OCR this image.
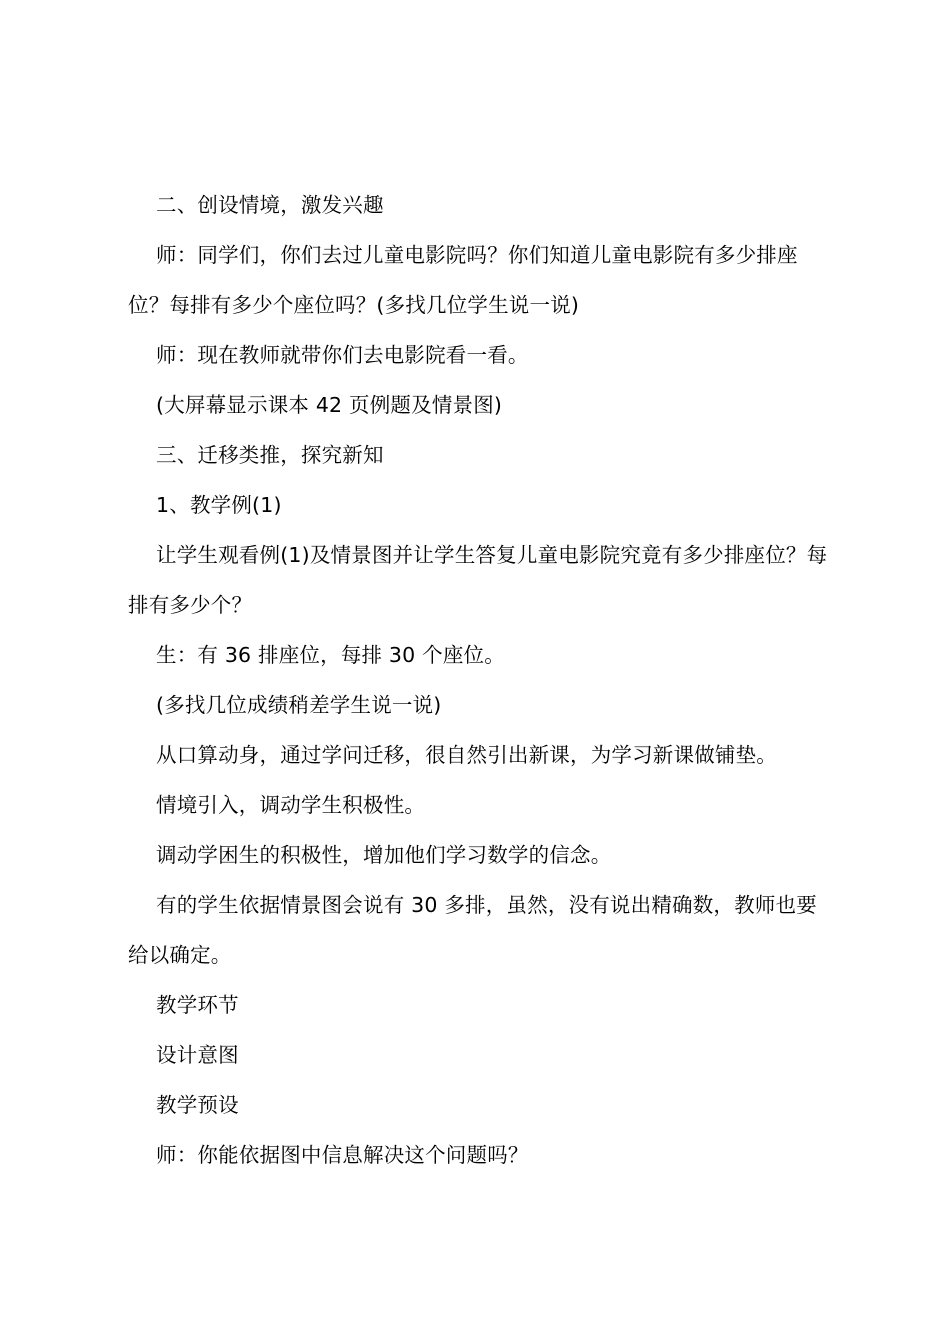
二、创设情境，激发兴趣

师：同学们，你们去过儿童电影院吗？你们知道儿童电影院有多少排座位？每排有多少个座位吗？(多找几位学生说一说)

师：现在教师就带你们去电影院看一看。

(大屏幕显示课本 42 页例题及情景图)

三、迁移类推，探究新知

1、教学例(1)

让学生观看例(1)及情景图并让学生答复儿童电影院究竟有多少排座位？每排有多少个？

生：有 36 排座位，每排 30 个座位。

(多找几位成绩稍差学生说一说)

从口算动身，通过学问迁移，很自然引出新课，为学习新课做铺垫。

情境引入，调动学生积极性。

调动学困生的积极性，增加他们学习数学的信念。

有的学生依据情景图会说有 30 多排，虽然，没有说出精确数，教师也要给以确定。

教学环节

设计意图

教学预设

师：你能依据图中信息解决这个问题吗？
